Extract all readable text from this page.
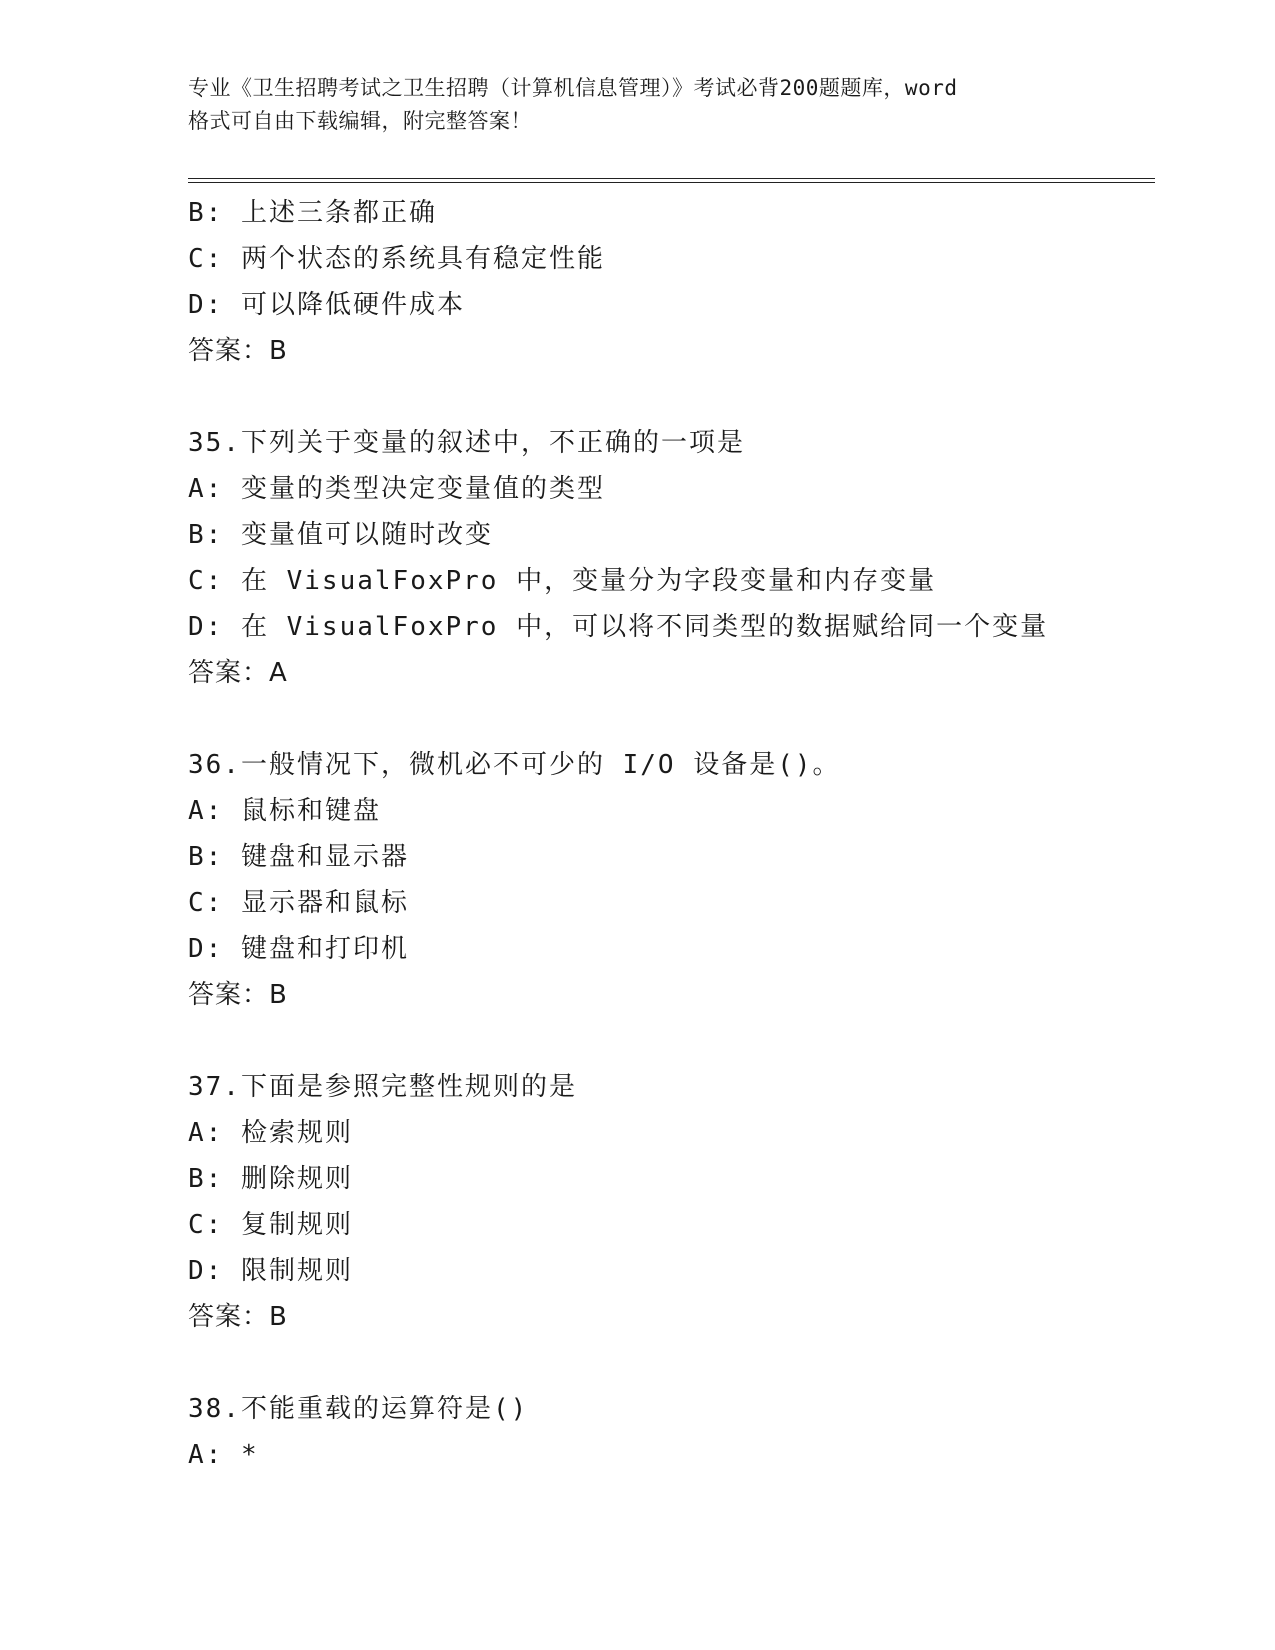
专业《卫生招聘考试之卫生招聘（计算机信息管理）》考试必背200题题库，word
格式可自由下载编辑，附完整答案！
B: 上述三条都正确
C: 两个状态的系统具有稳定性能
D: 可以降低硬件成本
答案：B
35.下列关于变量的叙述中，不正确的一项是
A: 变量的类型决定变量值的类型
B: 变量值可以随时改变
C: 在 VisualFoxPro 中，变量分为字段变量和内存变量
D: 在 VisualFoxPro 中，可以将不同类型的数据赋给同一个变量
答案：A
36.一般情况下，微机必不可少的 I/O 设备是()。
A: 鼠标和键盘
B: 键盘和显示器
C: 显示器和鼠标
D: 键盘和打印机
答案：B
37.下面是参照完整性规则的是
A: 检索规则
B: 删除规则
C: 复制规则
D: 限制规则
答案：B
38.不能重载的运算符是()
A: *
